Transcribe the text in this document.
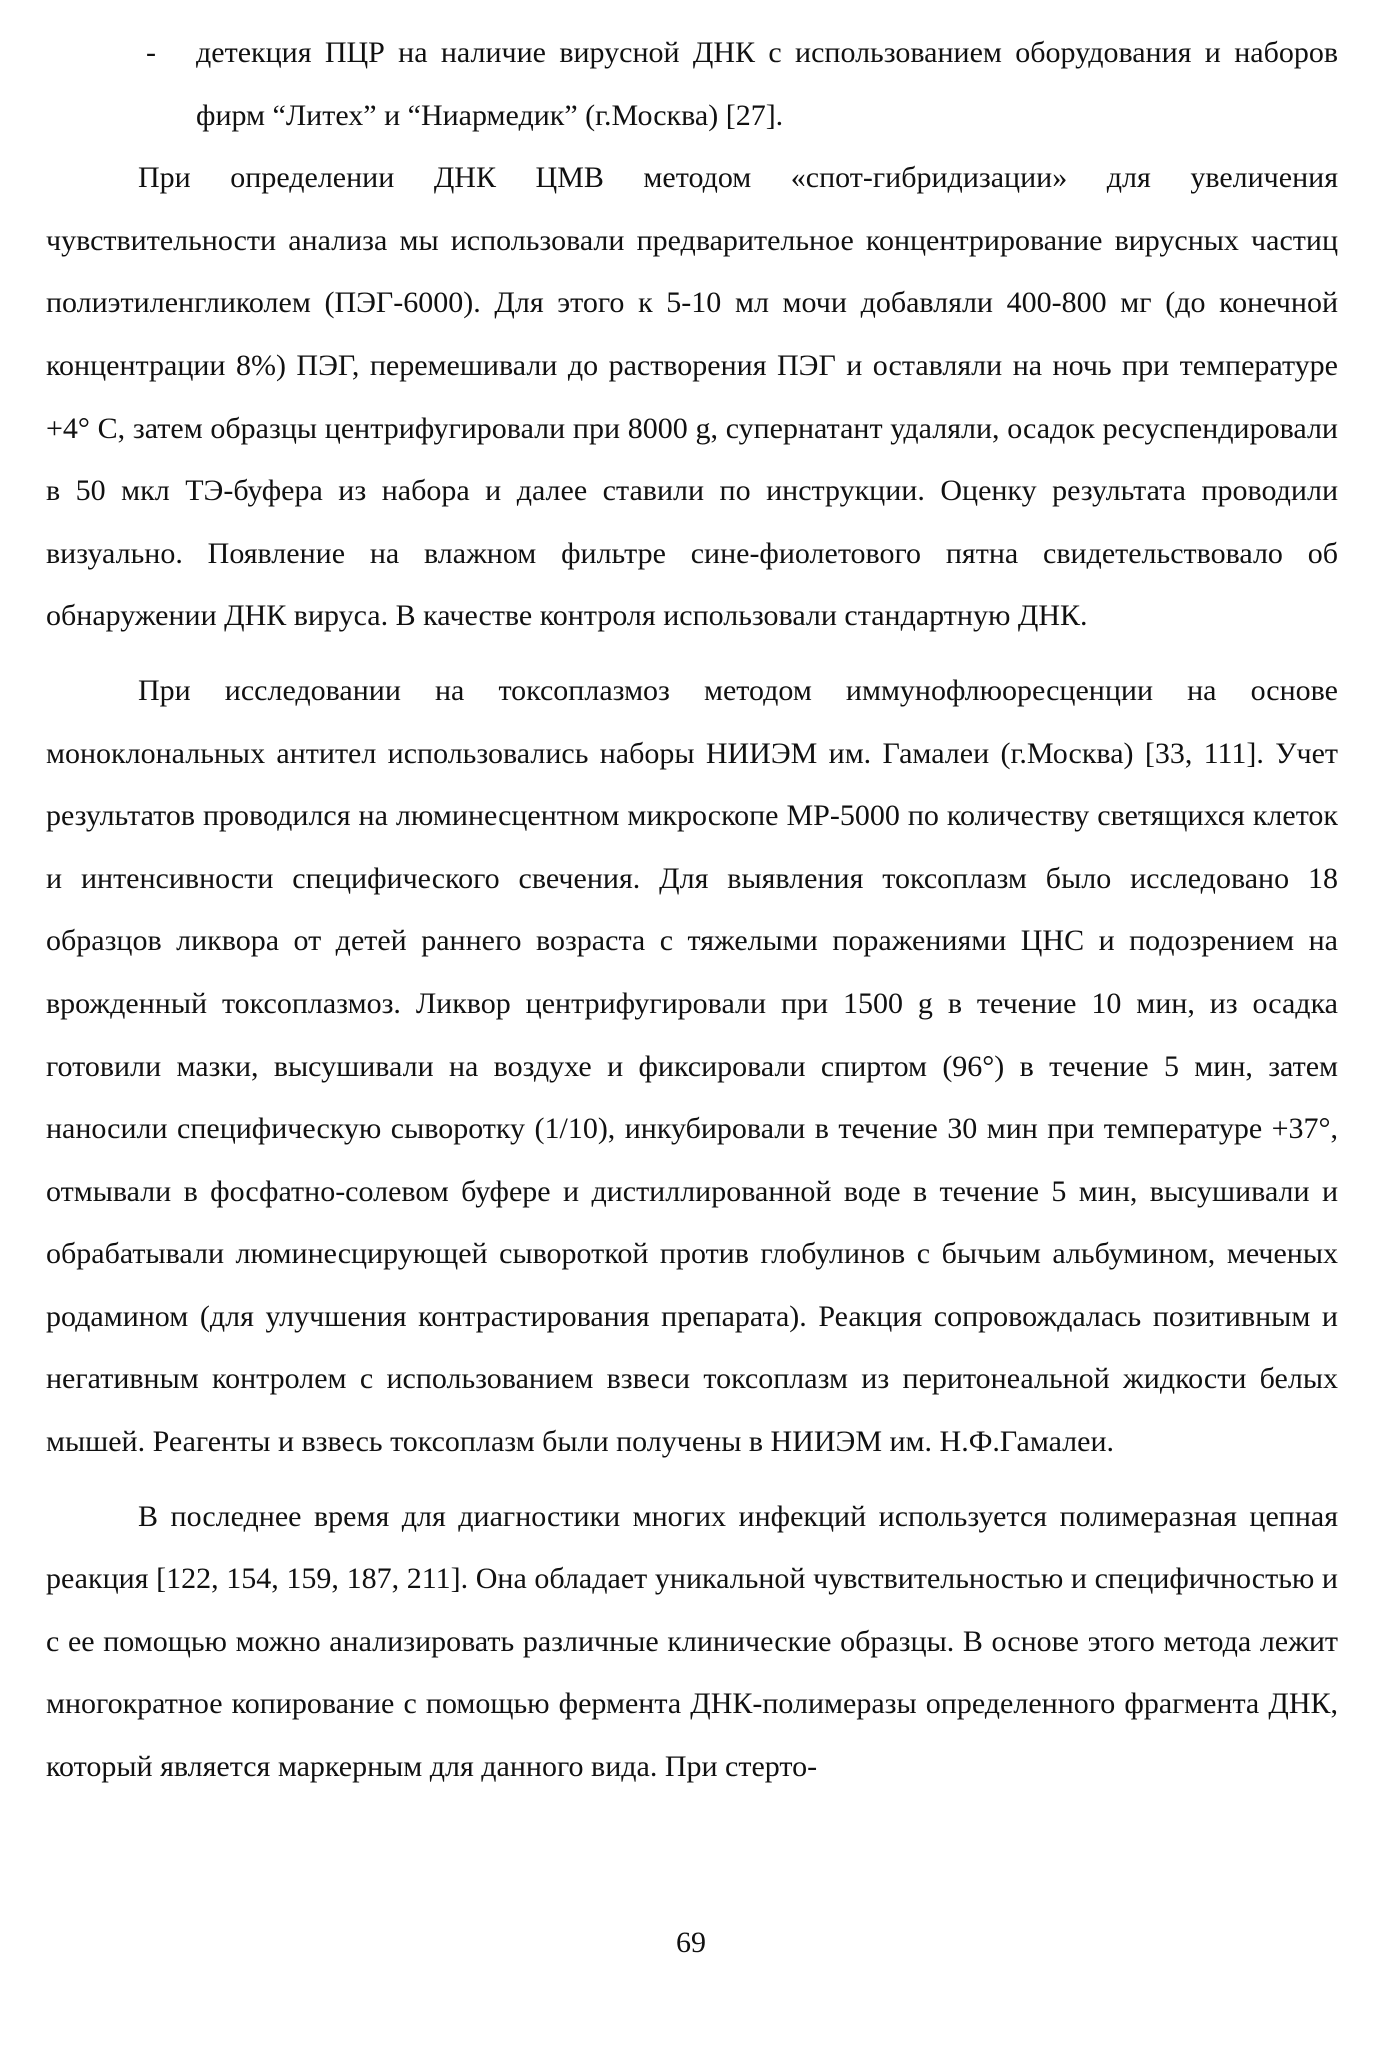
- детекция ПЦР на наличие вирусной ДНК с использованием оборудования и наборов фирм “Литех” и “Ниармедик” (г.Москва) [27].

При определении ДНК ЦМВ методом «спот-гибридизации» для увеличения чувствительности анализа мы использовали предварительное концентрирование вирусных частиц полиэтиленгликолем (ПЭГ-6000). Для этого к 5-10 мл мочи добавляли 400-800 мг (до конечной концентрации 8%) ПЭГ, перемешивали до растворения ПЭГ и оставляли на ночь при температуре +4° С, затем образцы центрифугировали при 8000 g, супернатант удаляли, осадок ресуспендировали в 50 мкл ТЭ-буфера из набора и далее ставили по инструкции. Оценку результата проводили визуально. Появление на влажном фильтре сине-фиолетового пятна свидетельствовало об обнаружении ДНК вируса. В качестве контроля использовали стандартную ДНК.

При исследовании на токсоплазмоз методом иммунофлюоресценции на основе моноклональных антител использовались наборы НИИЭМ им. Гамалеи (г.Москва) [33, 111]. Учет результатов проводился на люминесцентном микроскопе МР-5000 по количеству светящихся клеток и интенсивности специфического свечения. Для выявления токсоплазм было исследовано 18 образцов ликвора от детей раннего возраста с тяжелыми поражениями ЦНС и подозрением на врожденный токсоплазмоз. Ликвор центрифугировали при 1500 g в течение 10 мин, из осадка готовили мазки, высушивали на воздухе и фиксировали спиртом (96°) в течение 5 мин, затем наносили специфическую сыворотку (1/10), инкубировали в течение 30 мин при температуре +37°, отмывали в фосфатно-солевом буфере и дистиллированной воде в течение 5 мин, высушивали и обрабатывали люминесцирующей сывороткой против глобулинов с бычьим альбумином, меченых родамином (для улучшения контрастирования препарата). Реакция сопровождалась позитивным и негативным контролем с использованием взвеси токсоплазм из перитонеальной жидкости белых мышей. Реагенты и взвесь токсоплазм были получены в НИИЭМ им. Н.Ф.Гамалеи.

В последнее время для диагностики многих инфекций используется полимеразная цепная реакция [122, 154, 159, 187, 211]. Она обладает уникальной чувствительностью и специфичностью и с ее помощью можно анализировать различные клинические образцы. В основе этого метода лежит многократное копирование с помощью фермента ДНК-полимеразы определенного фрагмента ДНК, который является маркерным для данного вида. При стерто-

69
